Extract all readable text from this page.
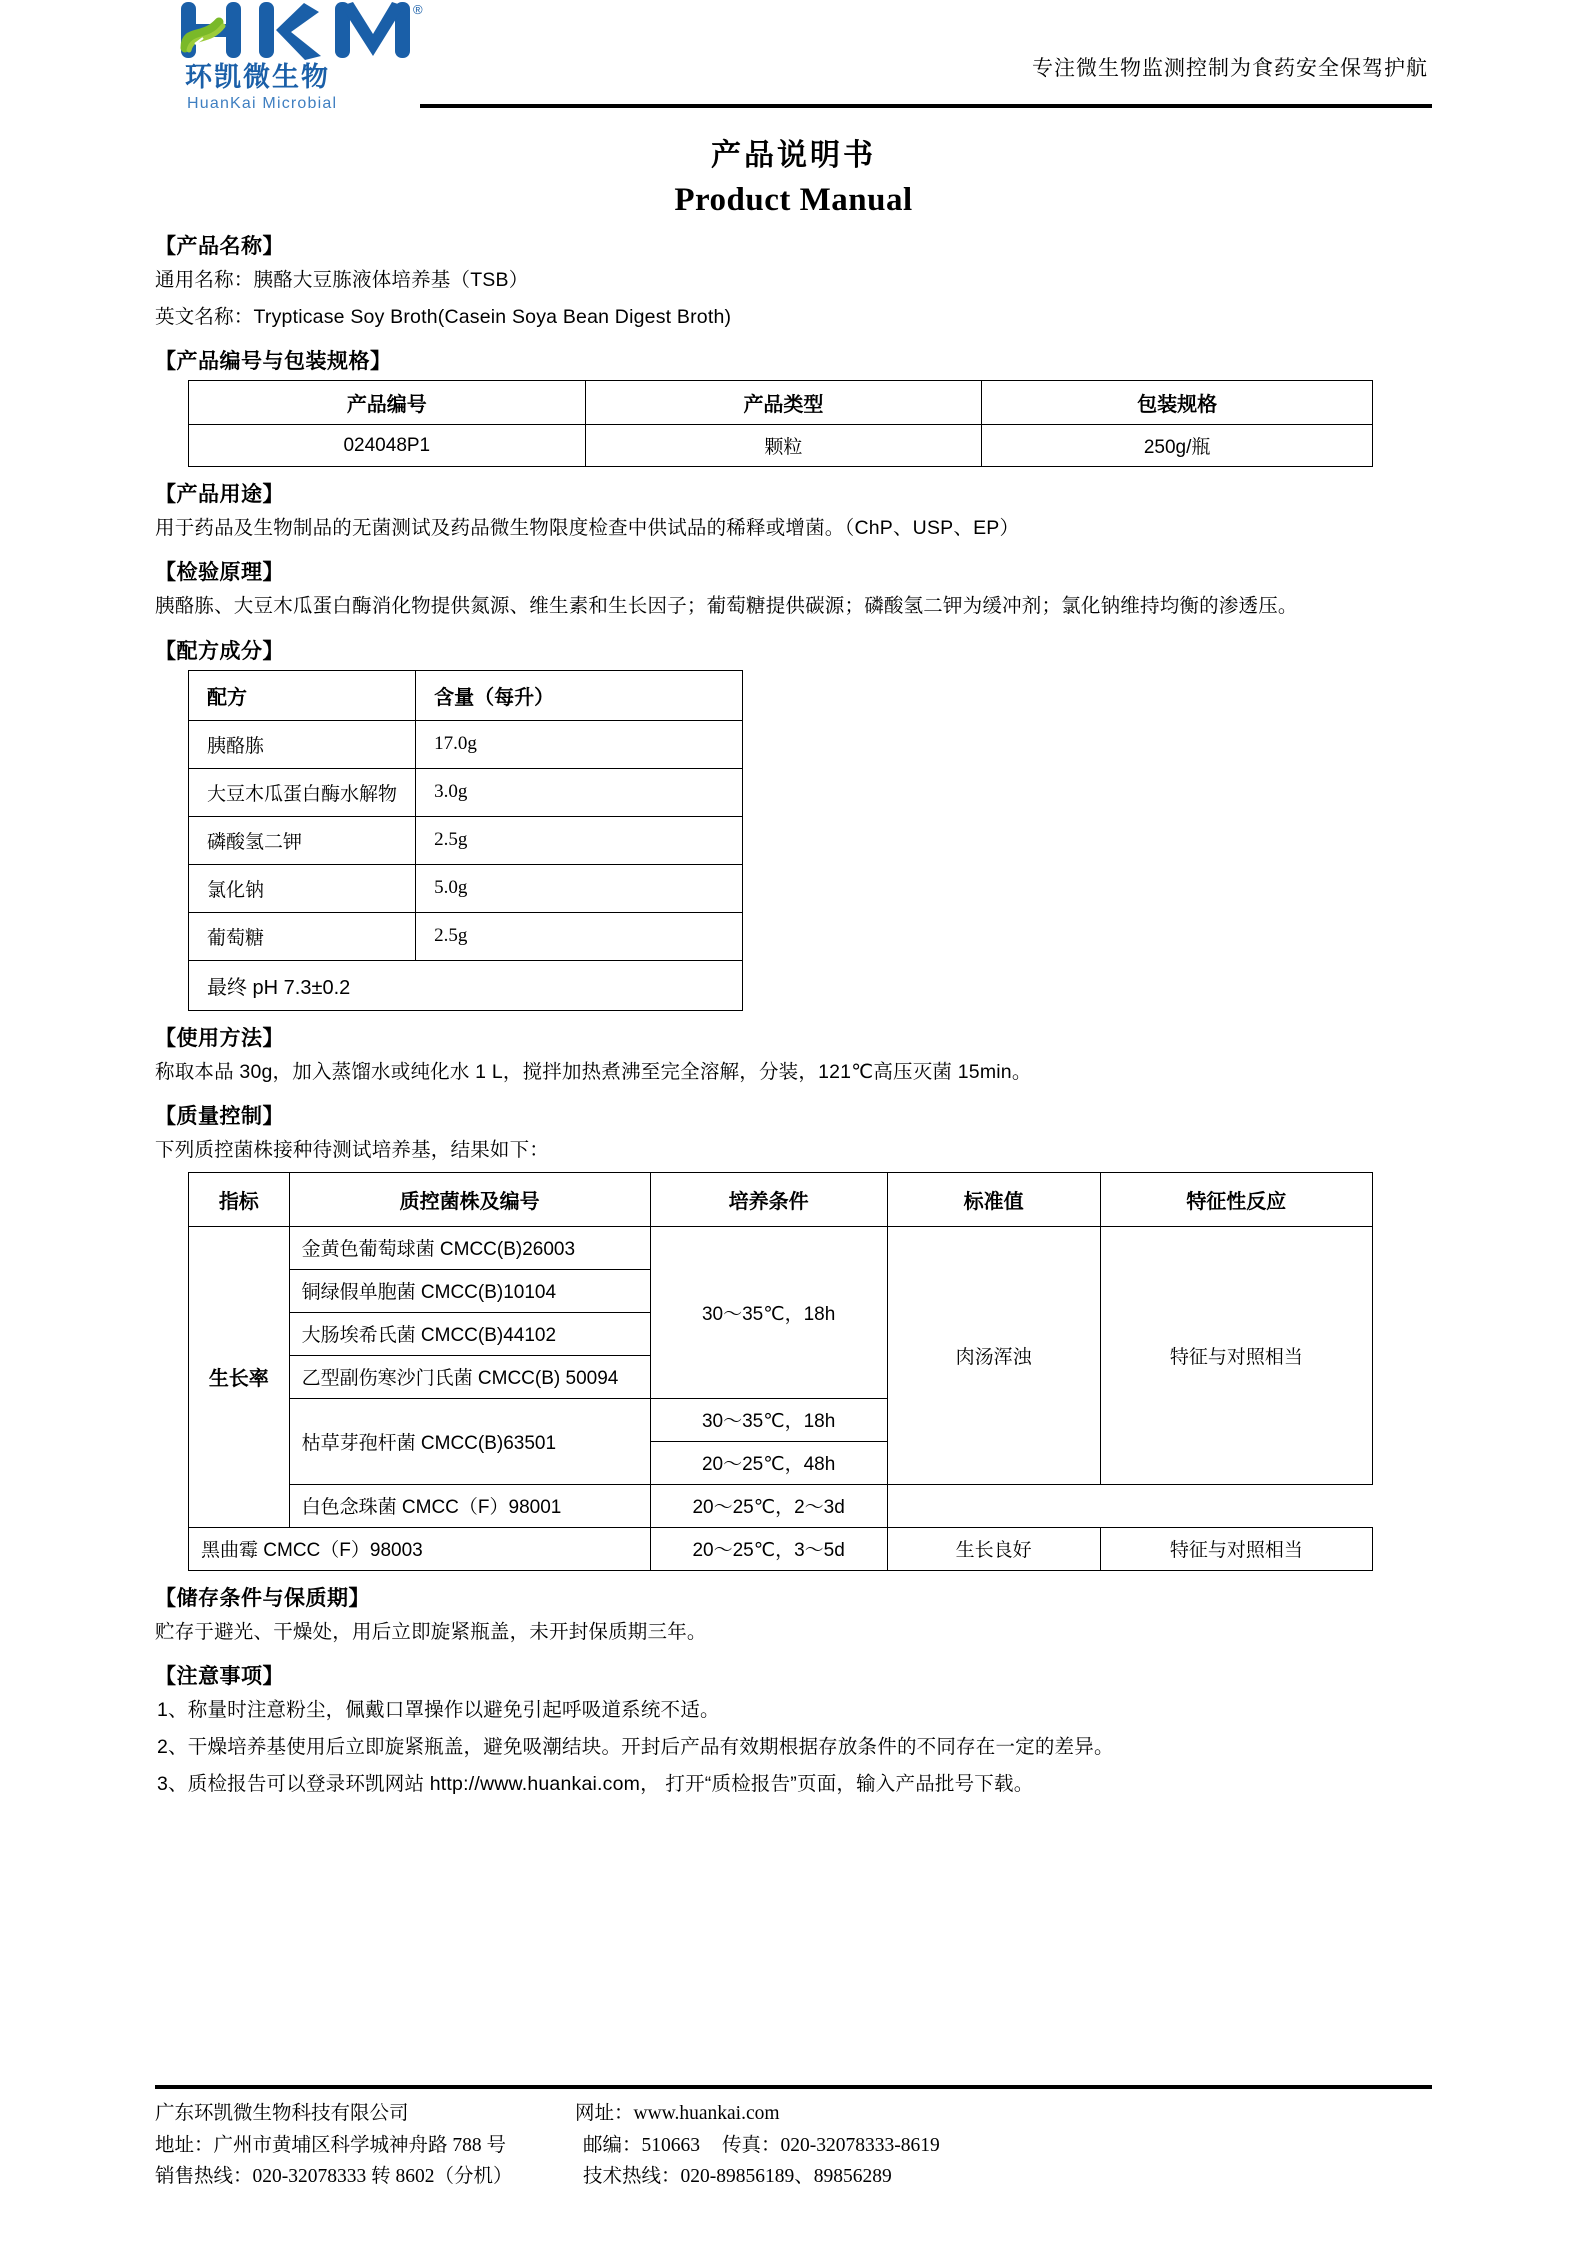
®
环凯微生物
HuanKai Microbial
专注微生物监测控制为食药安全保驾护航
产品说明书
Product Manual
【产品名称】
通用名称：胰酪大豆胨液体培养基（TSB）
英文名称：Trypticase Soy Broth(Casein Soya Bean Digest Broth)
【产品编号与包装规格】
产品编号	产品类型	包装规格
024048P1	颗粒	250g/瓶
【产品用途】
用于药品及生物制品的无菌测试及药品微生物限度检查中供试品的稀释或增菌。（ChP、USP、EP）
【检验原理】
胰酪胨、大豆木瓜蛋白酶消化物提供氮源、维生素和生长因子；葡萄糖提供碳源；磷酸氢二钾为缓冲剂；氯化钠维持均衡的渗透压。
【配方成分】
配方	含量（每升）
胰酪胨	17.0g
大豆木瓜蛋白酶水解物	3.0g
磷酸氢二钾	2.5g
氯化钠	5.0g
葡萄糖	2.5g
最终 pH 7.3±0.2	
【使用方法】
称取本品 30g，加入蒸馏水或纯化水 1 L，搅拌加热煮沸至完全溶解，分装，121℃高压灭菌 15min。
【质量控制】
下列质控菌株接种待测试培养基，结果如下：
指标	质控菌株及编号	培养条件	标准值	特征性反应
生长率	金黄色葡萄球菌 CMCC(B)26003	30～35℃，18h	肉汤浑浊	特征与对照相当
	铜绿假单胞菌 CMCC(B)10104			
	大肠埃希氏菌 CMCC(B)44102			
	乙型副伤寒沙门氏菌 CMCC(B) 50094			
	枯草芽孢杆菌 CMCC(B)63501	30～35℃，18h		
		20～25℃，48h		
	白色念珠菌 CMCC（F）98001	20～25℃，2～3d		
黑曲霉 CMCC（F）98003		20～25℃，3～5d	生长良好	特征与对照相当
【储存条件与保质期】
贮存于避光、干燥处，用后立即旋紧瓶盖，未开封保质期三年。
【注意事项】
1、称量时注意粉尘，佩戴口罩操作以避免引起呼吸道系统不适。
2、干燥培养基使用后立即旋紧瓶盖，避免吸潮结块。开封后产品有效期根据存放条件的不同存在一定的差异。
3、质检报告可以登录环凯网站 http://www.huankai.com， 打开“质检报告”页面，输入产品批号下载。
广东环凯微生物科技有限公司
地址：广州市黄埔区科学城神舟路 788 号
销售热线：020-32078333 转 8602（分机）
网址：www.huankai.com
邮编：510663 传真：020-32078333-8619
技术热线：020-89856189、89856289
